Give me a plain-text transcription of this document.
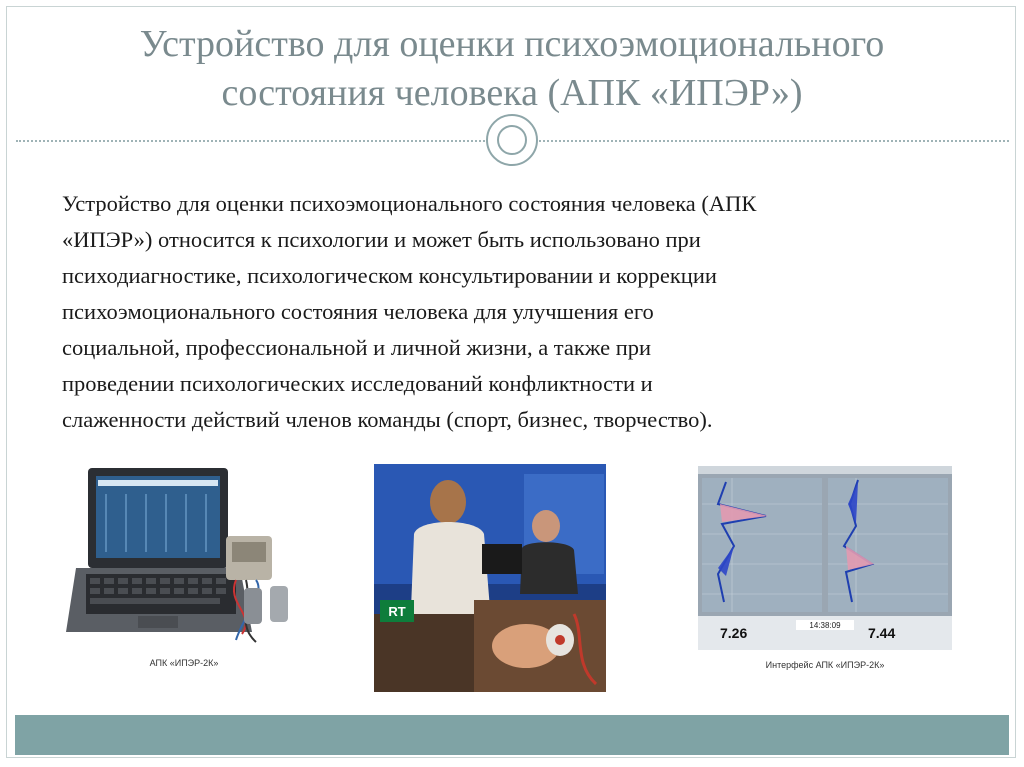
Устройство для оценки психоэмоционального
состояния человека (АПК «ИПЭР»)
Устройство для оценки психоэмоционального состояния человека (АПК
«ИПЭР») относится к психологии и может быть использовано при
психодиагностике, психологическом консультировании и коррекции
психоэмоционального состояния человека для улучшения его
социальной, профессиональной и личной жизни, а также при
проведении психологических исследований конфликтности и
слаженности действий членов команды (спорт, бизнес, творчество).
АПК «ИПЭР-2К»
RT
7.26	7.44
14:38:09
Интерфейс АПК «ИПЭР-2К»
